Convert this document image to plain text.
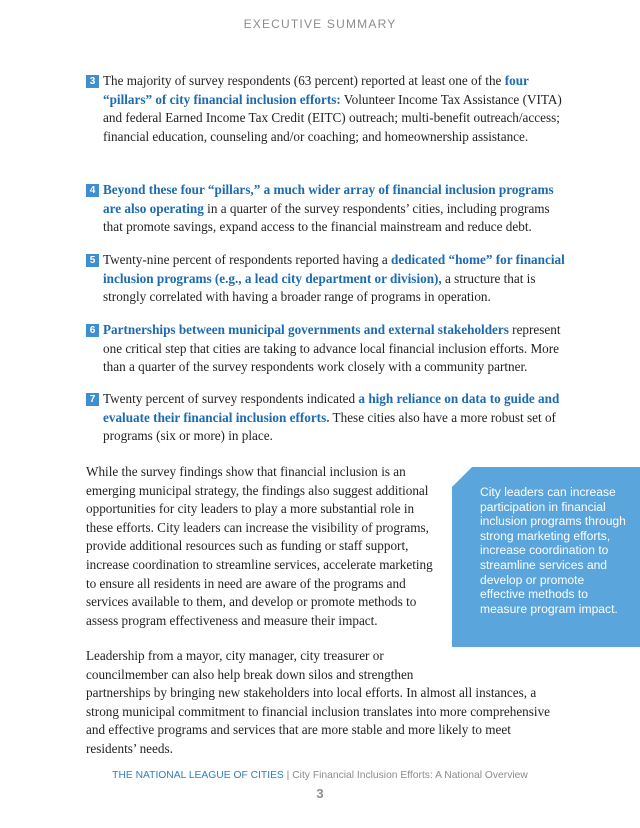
EXECUTIVE SUMMARY
3 The majority of survey respondents (63 percent) reported at least one of the four “pillars” of city financial inclusion efforts: Volunteer Income Tax Assistance (VITA) and federal Earned Income Tax Credit (EITC) outreach; multi-benefit outreach/access; financial education, counseling and/or coaching; and homeownership assistance.
4 Beyond these four “pillars,” a much wider array of financial inclusion programs are also operating in a quarter of the survey respondents’ cities, including programs that promote savings, expand access to the financial mainstream and reduce debt.
5 Twenty-nine percent of respondents reported having a dedicated “home” for financial inclusion programs (e.g., a lead city department or division), a structure that is strongly correlated with having a broader range of programs in operation.
6 Partnerships between municipal governments and external stakeholders represent one critical step that cities are taking to advance local financial inclusion efforts. More than a quarter of the survey respondents work closely with a community partner.
7 Twenty percent of survey respondents indicated a high reliance on data to guide and evaluate their financial inclusion efforts. These cities also have a more robust set of programs (six or more) in place.
While the survey findings show that financial inclusion is an emerging municipal strategy, the findings also suggest additional opportunities for city leaders to play a more substantial role in these efforts. City leaders can increase the visibility of programs, provide additional resources such as funding or staff support, increase coordination to streamline services, accelerate marketing to ensure all residents in need are aware of the programs and services available to them, and develop or promote methods to assess program effectiveness and measure their impact.
Leadership from a mayor, city manager, city treasurer or councilmember can also help break down silos and strengthen
partnerships by bringing new stakeholders into local efforts. In almost all instances, a strong municipal commitment to financial inclusion translates into more comprehensive and effective programs and services that are more stable and more likely to meet residents’ needs.
City leaders can increase participation in financial inclusion programs through strong marketing efforts, increase coordination to streamline services and develop or promote effective methods to measure program impact.
THE NATIONAL LEAGUE OF CITIES | City Financial Inclusion Efforts: A National Overview
3
